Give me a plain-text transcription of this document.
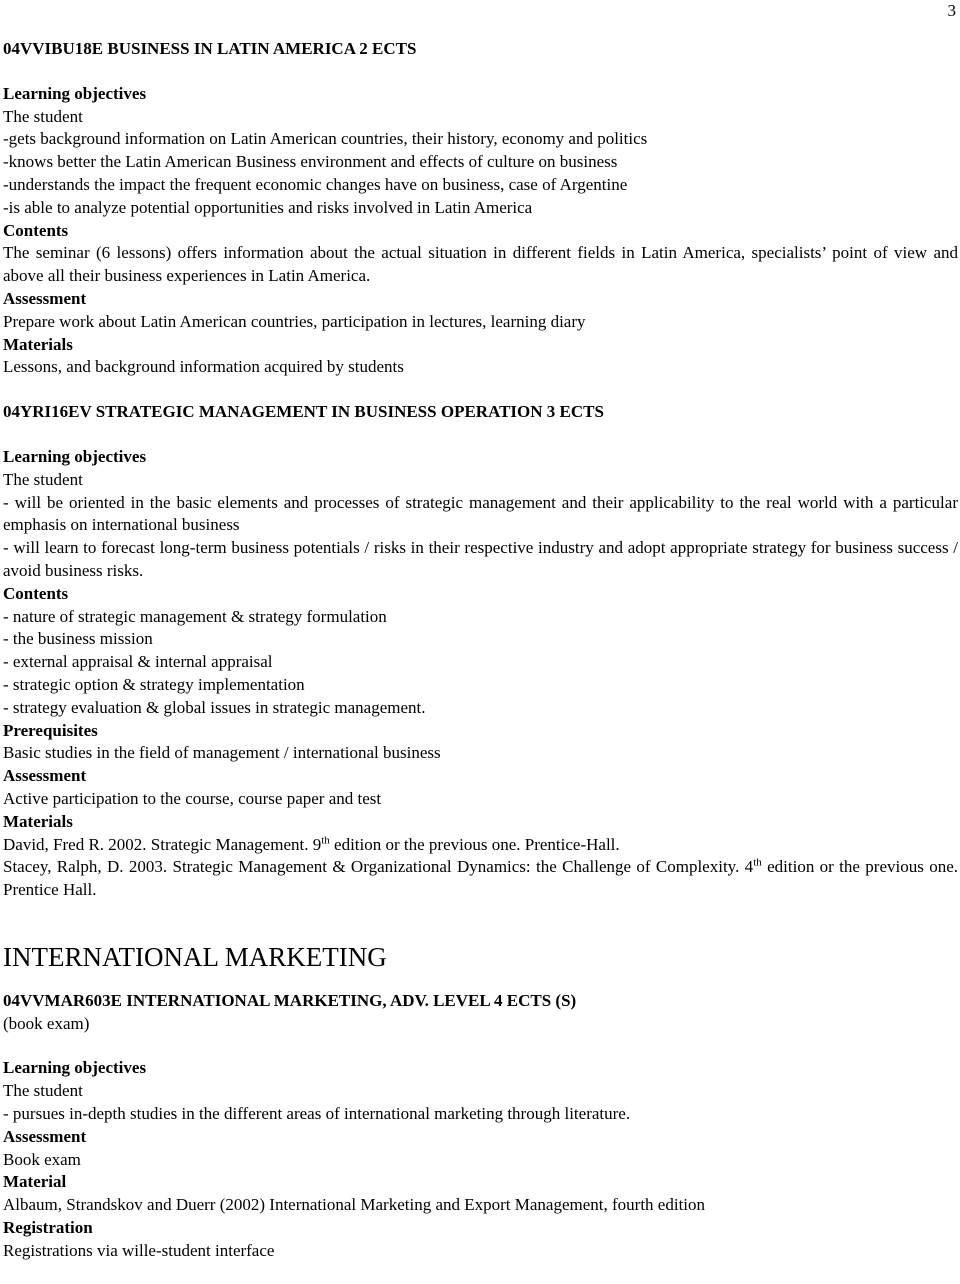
3

04VVIBU18E BUSINESS IN LATIN AMERICA 2 ECTS

Learning objectives

The student

-gets background information on Latin American countries, their history, economy and politics

-knows better the Latin American Business environment and effects of culture on business

-understands the impact the frequent economic changes have on business, case of Argentine

-is able to analyze potential opportunities and risks involved in Latin America

Contents

The seminar (6 lessons) offers information about the actual situation in different fields in Latin America, specialists’ point of view and above all their business experiences in Latin America.

Assessment

Prepare work about Latin American countries, participation in lectures, learning diary

Materials

Lessons, and background information acquired by students

04YRI16EV STRATEGIC MANAGEMENT IN BUSINESS OPERATION 3 ECTS

Learning objectives

The student

- will be oriented in the basic elements and processes of strategic management and their applicability to the real world with a particular emphasis on international business

- will learn to forecast long-term business potentials / risks in their respective industry and adopt appropriate strategy for business success / avoid business risks.

Contents

- nature of strategic management & strategy formulation

- the business mission

- external appraisal & internal appraisal

- strategic option & strategy implementation

- strategy evaluation & global issues in strategic management.

Prerequisites

Basic studies in the field of management / international business

Assessment

Active participation to the course, course paper and test

Materials

David, Fred R. 2002. Strategic Management. 9th edition or the previous one. Prentice-Hall.

Stacey, Ralph, D. 2003. Strategic Management & Organizational Dynamics: the Challenge of Complexity. 4th edition or the previous one. Prentice Hall.

INTERNATIONAL MARKETING

04VVMAR603E INTERNATIONAL MARKETING, ADV. LEVEL 4 ECTS (S)

(book exam)

Learning objectives

The student

- pursues in-depth studies in the different areas of international marketing through literature.

Assessment

Book exam

Material

Albaum, Strandskov and Duerr (2002) International Marketing and Export Management, fourth edition

Registration

Registrations via wille-student interface
